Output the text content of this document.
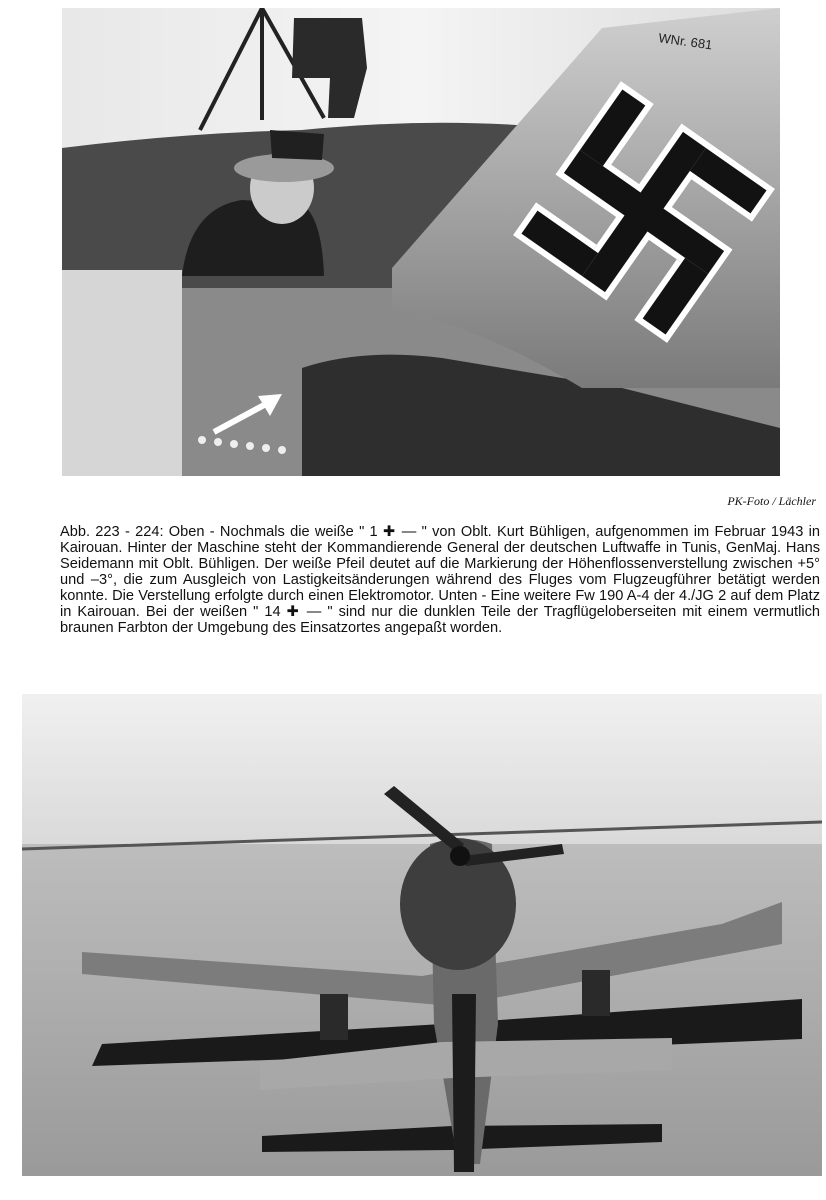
WNr. 681
PK-Foto / Lächler

Abb. 223 - 224: Oben - Nochmals die weiße " 1 ✚ — " von Oblt. Kurt Bühligen, aufgenommen im Februar 1943 in Kairouan. Hinter der Maschine steht der Kommandierende General der deutschen Luftwaffe in Tunis, GenMaj. Hans Seidemann mit Oblt. Bühligen. Der weiße Pfeil deutet auf die Markierung der Höhenflossenverstellung zwischen +5° und –3°, die zum Ausgleich von Lastigkeitsänderungen während des Fluges vom Flugzeugführer betätigt werden konnte. Die Verstellung erfolgte durch einen Elektromotor. Unten - Eine weitere Fw 190 A-4 der 4./JG 2 auf dem Platz in Kairouan. Bei der weißen " 14 ✚ — " sind nur die dunklen Teile der Tragflügeloberseiten mit einem vermutlich braunen Farbton der Umgebung des Einsatzortes angepaßt worden.
